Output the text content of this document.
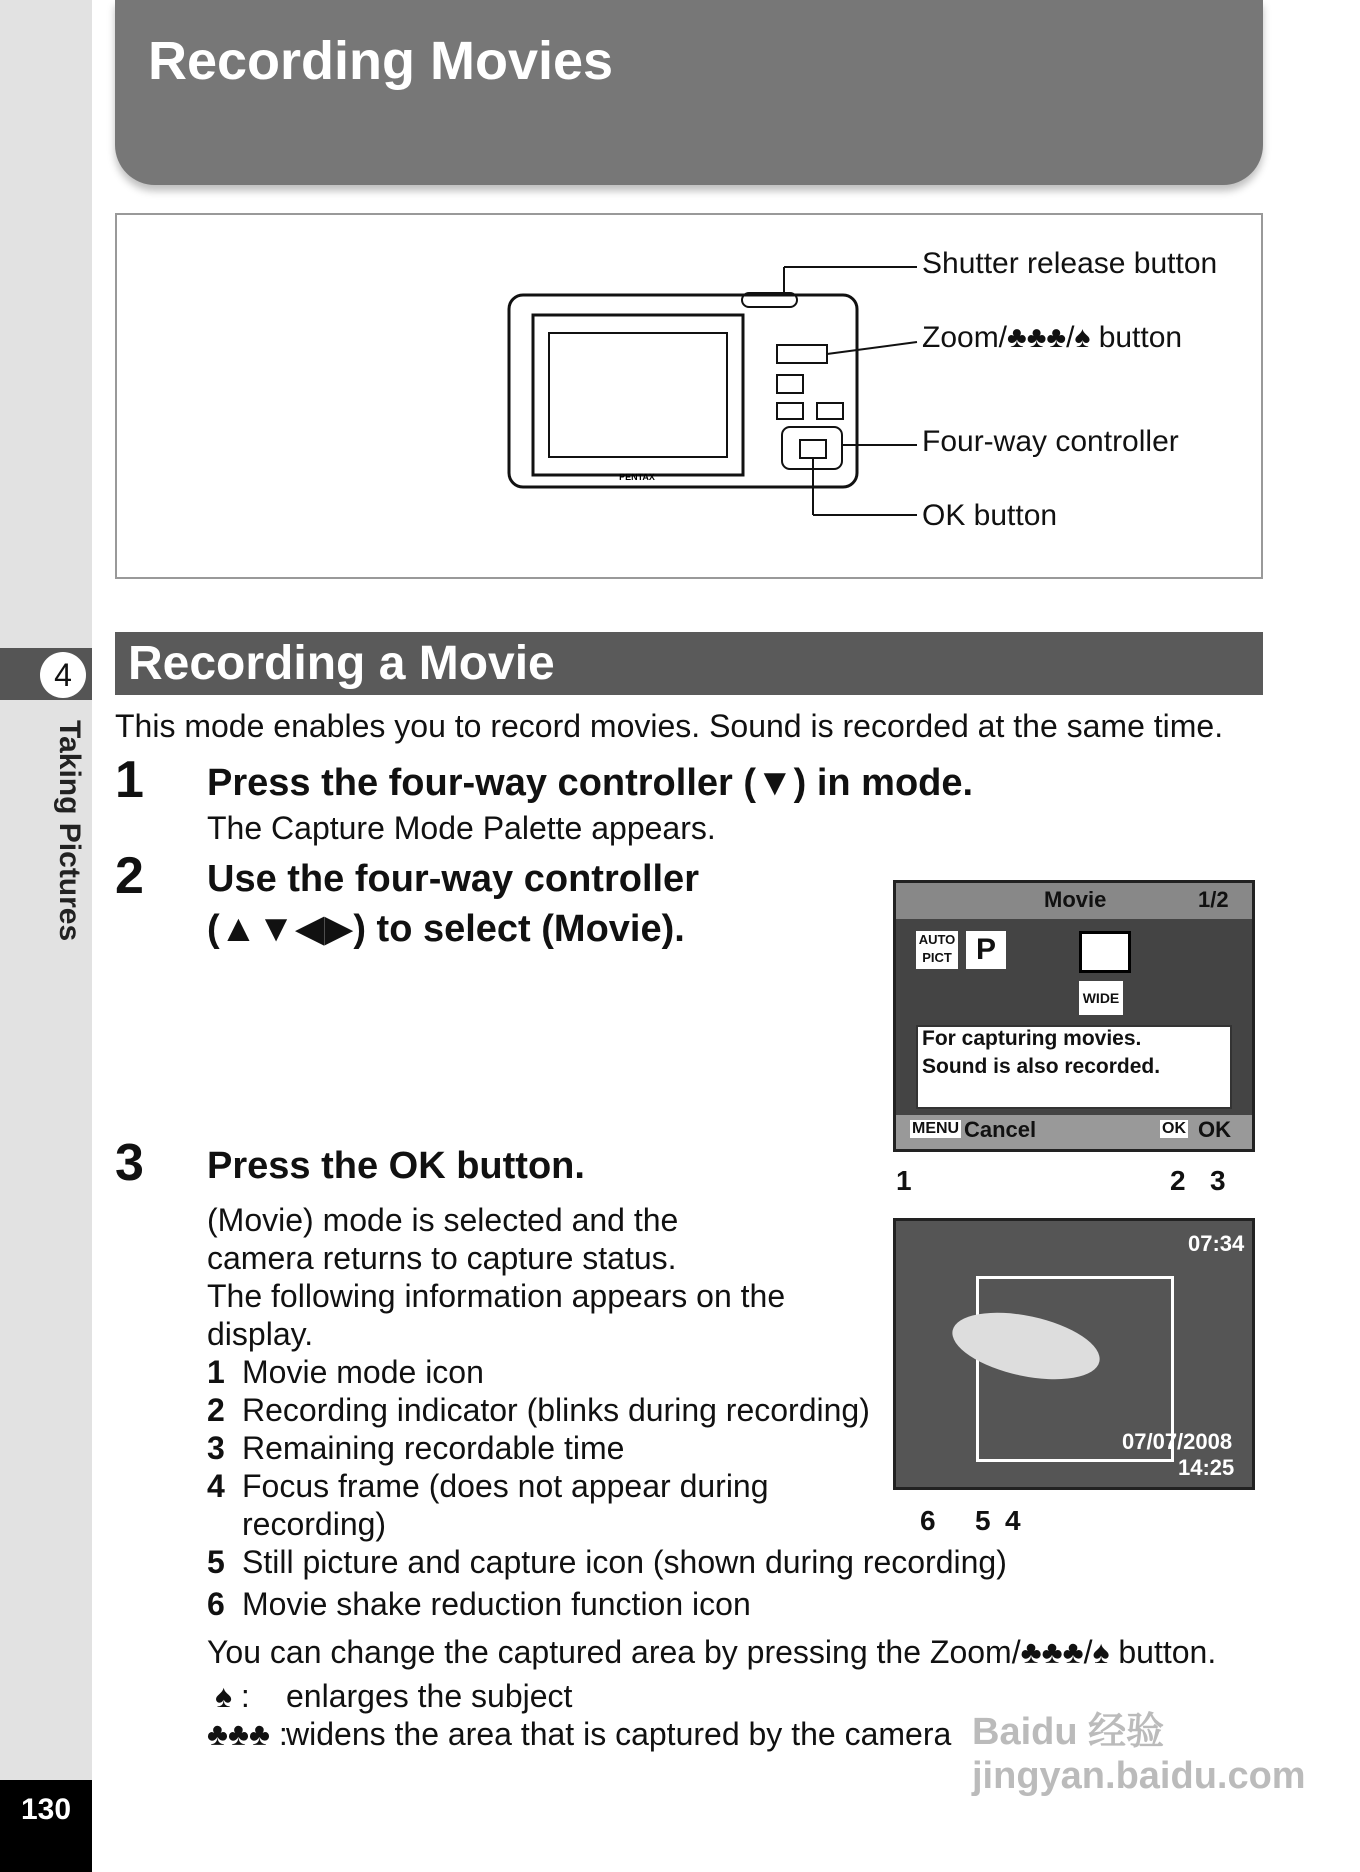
4
Taking Pictures
130
Recording Movies
PENTAX
Shutter release button
Zoom/♣♣♣/♠ button
Four-way controller
OK button
Recording a Movie
This mode enables you to record movies. Sound is recorded at the same time.
1 Press the four-way controller (▼) in mode.
The Capture Mode Palette appears.
2 Use the four-way controller
(▲▼◀▶) to select (Movie).
Movie	1/2
AUTO PICT P
WIDE
For capturing movies.
Sound is also recorded.
MENU Cancel	OK OK
3 Press the OK button.
(Movie) mode is selected and the
camera returns to capture status.
The following information appears on the
display.
1 Movie mode icon
2 Recording indicator (blinks during recording)
3 Remaining recordable time
4 Focus frame (does not appear during
recording)
5 Still picture and capture icon (shown during recording)
6 Movie shake reduction function icon
1	2 3
07:34
07/07/2008
14:25
6 5 4
You can change the captured area by pressing the Zoom/♣♣♣/♠ button.
♠ : enlarges the subject
♣♣♣ :
widens the area that is captured by the camera Baidu 经验 jingyan.baidu.com
